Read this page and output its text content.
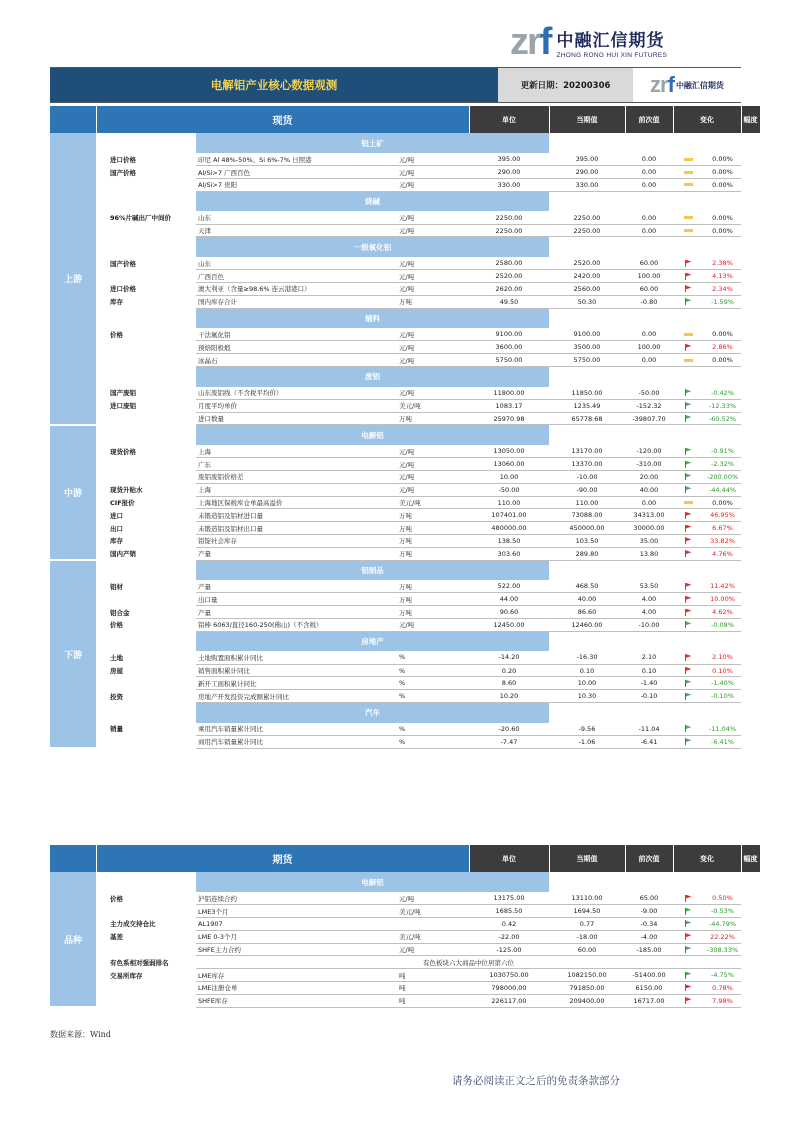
zrf 中融汇信期货
ZHONG RONG HUI XIN FUTURES
电解铝产业核心数据观测	更新日期：20200306	zrf 中融汇信期货
	现货			单位	当期值	前次值	变化		幅度
上游		铝土矿							
	进口价格	印尼 Al 48%-50%、Si 6%-7% 日照港	元/吨	395.00	395.00	0.00		0.00%	
	国产价格	Al/Si>7 广西百色	元/吨	290.00	290.00	0.00		0.00%	
		Al/Si>7 贵阳	元/吨	330.00	330.00	0.00		0.00%	
		烧碱							
	96%片碱出厂中间价	山东	元/吨	2250.00	2250.00	0.00		0.00%	
		天津	元/吨	2250.00	2250.00	0.00		0.00%	
		一级氧化铝							
	国产价格	山东	元/吨	2580.00	2520.00	60.00		2.38%	
		广西百色	元/吨	2520.00	2420.00	100.00		4.13%	
	进口价格	澳大利亚（含量≥98.6% 连云港港口）	元/吨	2620.00	2560.00	60.00		2.34%	
	库存	国内库存合计	万吨	49.50	50.30	-0.80		-1.59%	
		辅料							
	价格	干法氟化铝	元/吨	9100.00	9100.00	0.00		0.00%	
		预焙阳极煅	元/吨	3600.00	3500.00	100.00		2.86%	
		冰晶石	元/吨	5750.00	5750.00	0.00		0.00%	
		废铝							
	国产废铝	山东废铝线（不含税平均价）	元/吨	11800.00	11850.00	-50.00		-0.42%	
	进口废铝	月度平均单价	美元/吨	1083.17	1235.49	-152.32		-12.33%	
		进口数量	万吨	25970.98	65778.68	-39807.70		-60.52%	
中游		电解铝							
	现货价格	上海	元/吨	13050.00	13170.00	-120.00		-0.91%	
		广东	元/吨	13060.00	13370.00	-310.00		-2.32%	
		废铝废铝价格差	元/吨	10.00	-10.00	20.00		-200.00%	
	现货升贴水	上海	元/吨	-50.00	-90.00	40.00		-44.44%	
	CIF报价	上海地区保税库仓单最高溢价	美元/吨	110.00	110.00	0.00		0.00%	
	进口	未锻造铝及铝材进口量	万吨	107401.00	73088.00	34313.00		46.95%	
	出口	未锻造铝及铝材出口量	万吨	480000.00	450000.00	30000.00		6.67%	
	库存	铝锭社会库存	万吨	138.50	103.50	35.00		33.82%	
	国内产销	产量	万吨	303.60	289.80	13.80		4.76%	
下游		铝制品							
	铝材	产量	万吨	522.00	468.50	53.50		11.42%	
		出口量	万吨	44.00	40.00	4.00		10.00%	
	铝合金	产量	万吨	90.60	86.60	4.00		4.62%	
	价格	铝棒 6063/直径160-250(佛山)（不含税）	元/吨	12450.00	12460.00	-10.00		-0.08%	
		房地产							
	土地	土地购置面积累计同比	%	-14.20	-16.30	2.10		2.10%	
	房屋	销售面积累计同比	%	0.20	0.10	0.10		0.10%	
		新开工面积累计同比	%	8.60	10.00	-1.40		-1.40%	
	投资	房地产开发投资完成额累计同比	%	10.20	10.30	-0.10		-0.10%	
		汽车							
	销量	乘用汽车销量累计同比	%	-20.60	-9.56	-11.04		-11.04%	
		商用汽车销量累计同比	%	-7.47	-1.06	-6.41		-6.41%	
	期货			单位	当期值	前次值	变化		幅度
品种		电解铝							
	价格	沪铝连续合约	元/吨	13175.00	13110.00	65.00		0.50%	
		LME3个月	美元/吨	1685.50	1694.50	-9.00		-0.53%	
	主力成交持仓比	AL1907		0.42	0.77	-0.34		-44.79%	
	基差	LME 0-3个月	美元/吨	-22.00	-18.00	-4.00		22.22%	
		SHFE主力合约	元/吨	-125.00	60.00	-185.00		-308.33%	
	有色系相对强弱排名	有色板块六大商品中位居第六位							
	交易所库存	LME库存	吨	1030750.00	1082150.00	-51400.00		-4.75%	
		LME注册仓单	吨	798000.00	791850.00	6150.00		0.78%	
		SHFE库存	吨	226117.00	209400.00	16717.00		7.98%	
数据来源：Wind
请务必阅读正文之后的免责条款部分
